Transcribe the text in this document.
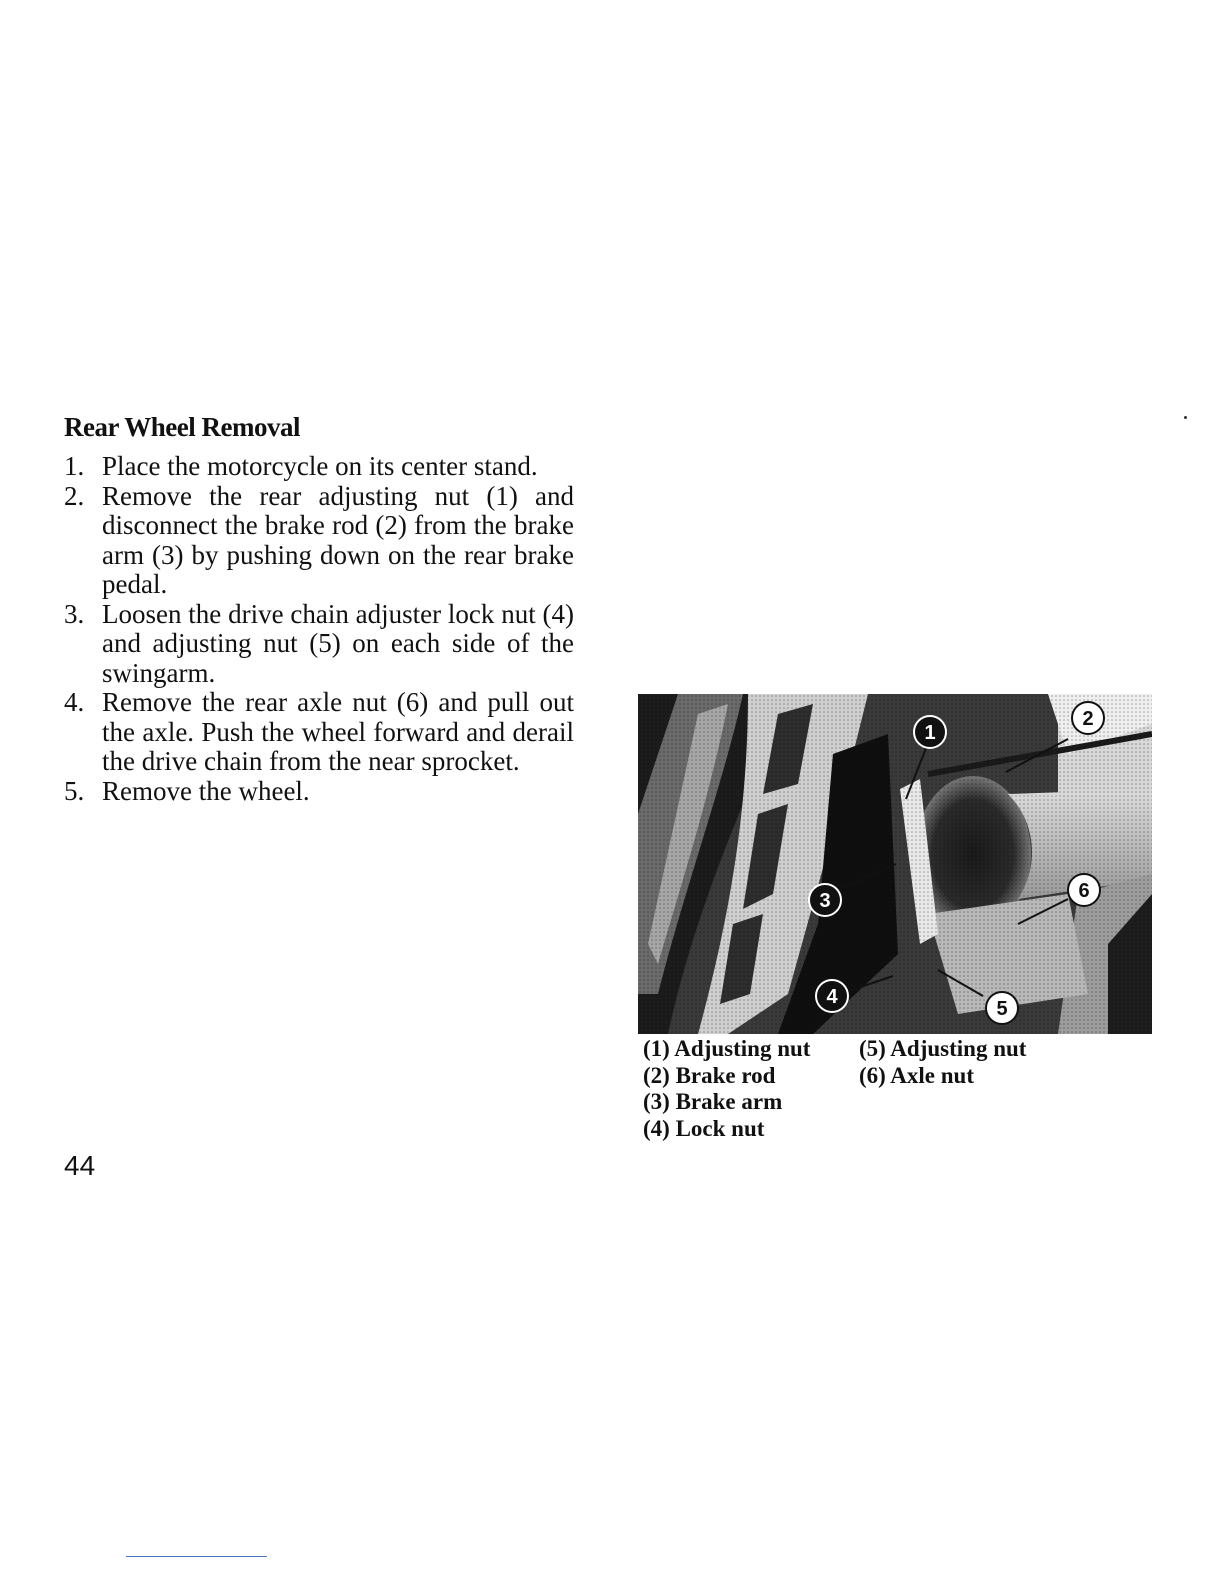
Rear Wheel Removal
1. Place the motorcycle on its center stand.
2. Remove the rear adjusting nut (1) and disconnect the brake rod (2) from the brake arm (3) by pushing down on the rear brake pedal.
3. Loosen the drive chain adjuster lock nut (4) and adjusting nut (5) on each side of the swingarm.
4. Remove the rear axle nut (6) and pull out the axle. Push the wheel forward and derail the drive chain from the near sprocket.
5. Remove the wheel.
1
2
3
4
5
6
(1) Adjusting nut	(5) Adjusting nut
(2) Brake rod	(6) Axle nut
(3) Brake arm
(4) Lock nut
44
